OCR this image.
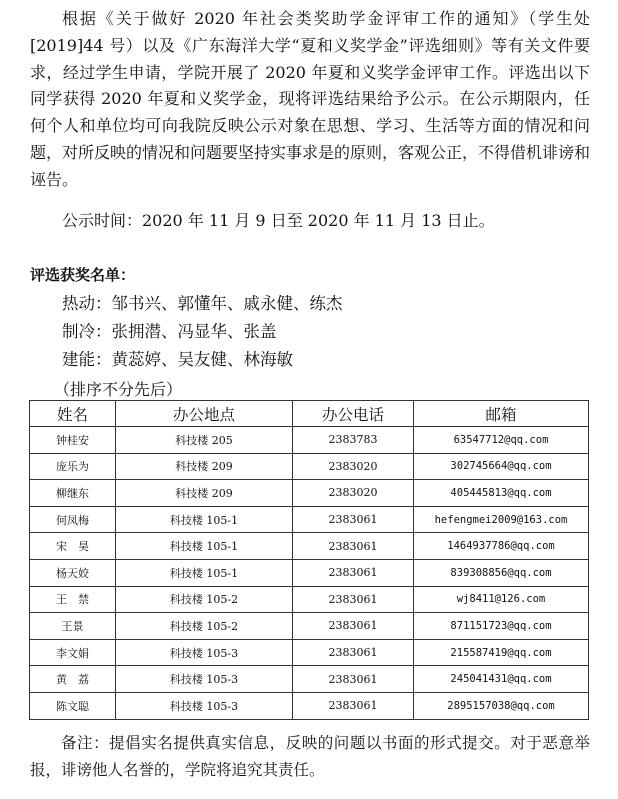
根据《关于做好 2020 年社会类奖助学金评审工作的通知》（学生处[2019]44 号）以及《广东海洋大学“夏和义奖学金”评选细则》等有关文件要求，经过学生申请，学院开展了 2020 年夏和义奖学金评审工作。评选出以下同学获得 2020 年夏和义奖学金，现将评选结果给予公示。在公示期限内，任何个人和单位均可向我院反映公示对象在思想、学习、生活等方面的情况和问题，对所反映的情况和问题要坚持实事求是的原则，客观公正，不得借机诽谤和诬告。

公示时间：2020 年 11 月 9 日至 2020 年 11 月 13 日止。

评选获奖名单：

热动：邹书兴、郭懂年、戚永健、练杰

制冷：张拥潜、冯显华、张盖

建能：黄蕊婷、吴友健、林海敏

（排序不分先后）

姓名	办公地点	办公电话	邮箱
钟桂安	科技楼 205	2383783	63547712@qq.com
庞乐为	科技楼 209	2383020	302745664@qq.com
柳继东	科技楼 209	2383020	405445813@qq.com
何凤梅	科技楼 105-1	2383061	hefengmei2009@163.com
宋　昊	科技楼 105-1	2383061	1464937786@qq.com
杨天姣	科技楼 105-1	2383061	839308856@qq.com
王　禁	科技楼 105-2	2383061	wj8411@126.com
王景	科技楼 105-2	2383061	871151723@qq.com
李文娟	科技楼 105-3	2383061	215587419@qq.com
黄　荔	科技楼 105-3	2383061	245041431@qq.com
陈文聪	科技楼 105-3	2383061	2895157038@qq.com

备注：提倡实名提供真实信息，反映的问题以书面的形式提交。对于恶意举报，诽谤他人名誉的，学院将追究其责任。
